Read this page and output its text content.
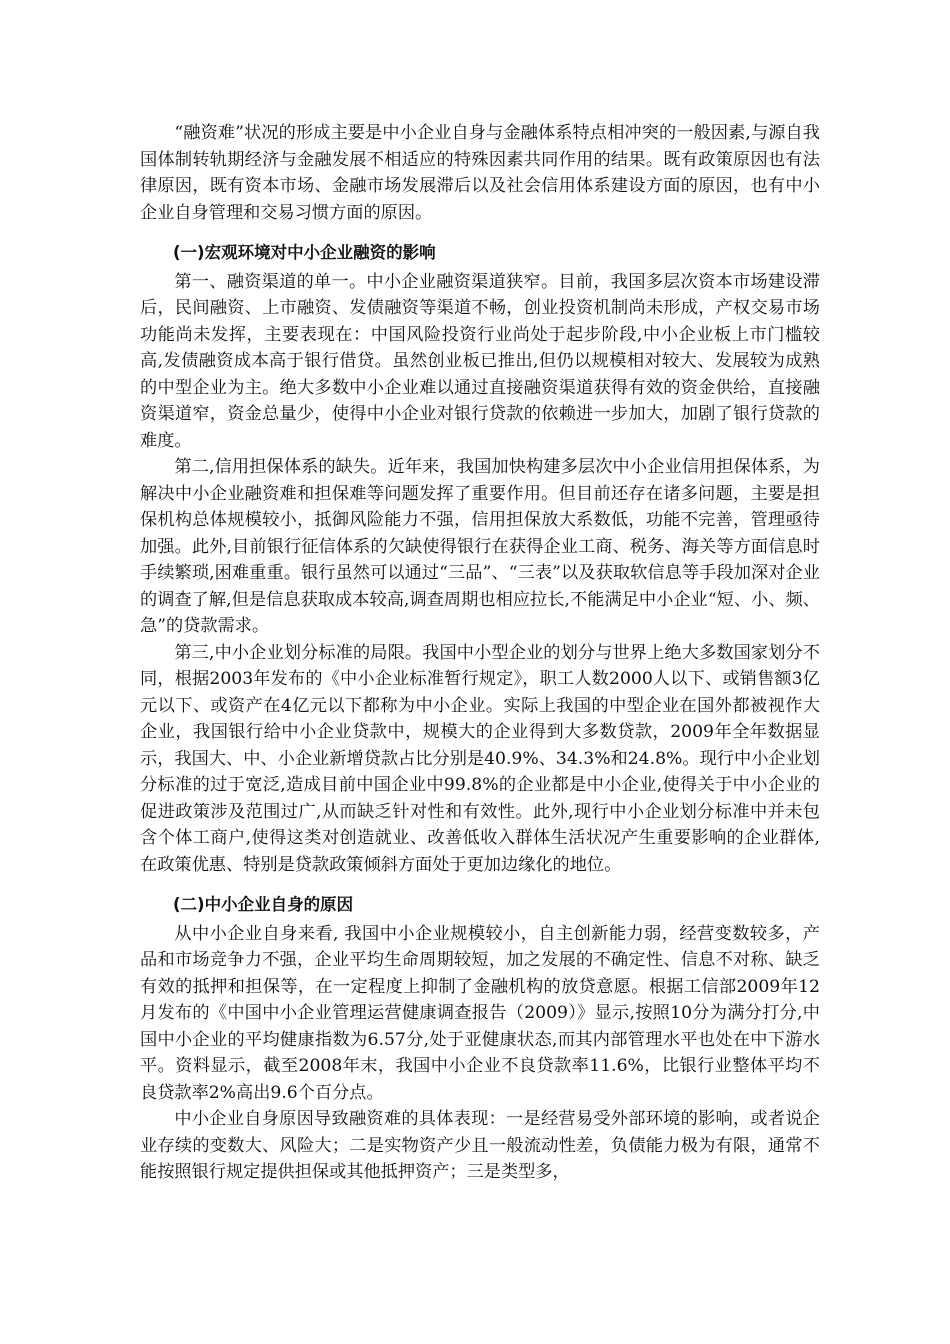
“融资难”状况的形成主要是中小企业自身与金融体系特点相冲突的一般因素,与源自我国体制转轨期经济与金融发展不相适应的特殊因素共同作用的结果。既有政策原因也有法律原因，既有资本市场、金融市场发展滞后以及社会信用体系建设方面的原因，也有中小企业自身管理和交易习惯方面的原因。

(一)宏观环境对中小企业融资的影响

第一、融资渠道的单一。中小企业融资渠道狭窄。目前，我国多层次资本市场建设滞后，民间融资、上市融资、发债融资等渠道不畅，创业投资机制尚未形成，产权交易市场功能尚未发挥，主要表现在：中国风险投资行业尚处于起步阶段,中小企业板上市门槛较高,发债融资成本高于银行借贷。虽然创业板已推出,但仍以规模相对较大、发展较为成熟的中型企业为主。绝大多数中小企业难以通过直接融资渠道获得有效的资金供给，直接融资渠道窄，资金总量少，使得中小企业对银行贷款的依赖进一步加大，加剧了银行贷款的难度。

第二,信用担保体系的缺失。近年来，我国加快构建多层次中小企业信用担保体系，为解决中小企业融资难和担保难等问题发挥了重要作用。但目前还存在诸多问题，主要是担保机构总体规模较小，抵御风险能力不强，信用担保放大系数低，功能不完善，管理亟待加强。此外,目前银行征信体系的欠缺使得银行在获得企业工商、税务、海关等方面信息时手续繁琐,困难重重。银行虽然可以通过“三品”、“三表”以及获取软信息等手段加深对企业的调查了解,但是信息获取成本较高,调查周期也相应拉长,不能满足中小企业“短、小、频、急”的贷款需求。

第三,中小企业划分标准的局限。我国中小型企业的划分与世界上绝大多数国家划分不同，根据2003年发布的《中小企业标准暂行规定》，职工人数2000人以下、或销售额3亿元以下、或资产在4亿元以下都称为中小企业。实际上我国的中型企业在国外都被视作大企业，我国银行给中小企业贷款中，规模大的企业得到大多数贷款，2009年全年数据显示，我国大、中、小企业新增贷款占比分别是40.9%、34.3%和24.8%。现行中小企业划分标准的过于宽泛,造成目前中国企业中99.8%的企业都是中小企业,使得关于中小企业的促进政策涉及范围过广,从而缺乏针对性和有效性。此外,现行中小企业划分标准中并未包含个体工商户,使得这类对创造就业、改善低收入群体生活状况产生重要影响的企业群体,在政策优惠、特别是贷款政策倾斜方面处于更加边缘化的地位。

(二)中小企业自身的原因

从中小企业自身来看, 我国中小企业规模较小，自主创新能力弱，经营变数较多，产品和市场竞争力不强，企业平均生命周期较短，加之发展的不确定性、信息不对称、缺乏有效的抵押和担保等，在一定程度上抑制了金融机构的放贷意愿。根据工信部2009年12月发布的《中国中小企业管理运营健康调查报告（2009）》显示,按照10分为满分打分,中国中小企业的平均健康指数为6.57分,处于亚健康状态,而其内部管理水平也处在中下游水平。资料显示，截至2008年末，我国中小企业不良贷款率11.6%，比银行业整体平均不良贷款率2%高出9.6个百分点。

中小企业自身原因导致融资难的具体表现：一是经营易受外部环境的影响，或者说企业存续的变数大、风险大；二是实物资产少且一般流动性差，负债能力极为有限，通常不能按照银行规定提供担保或其他抵押资产；三是类型多，
